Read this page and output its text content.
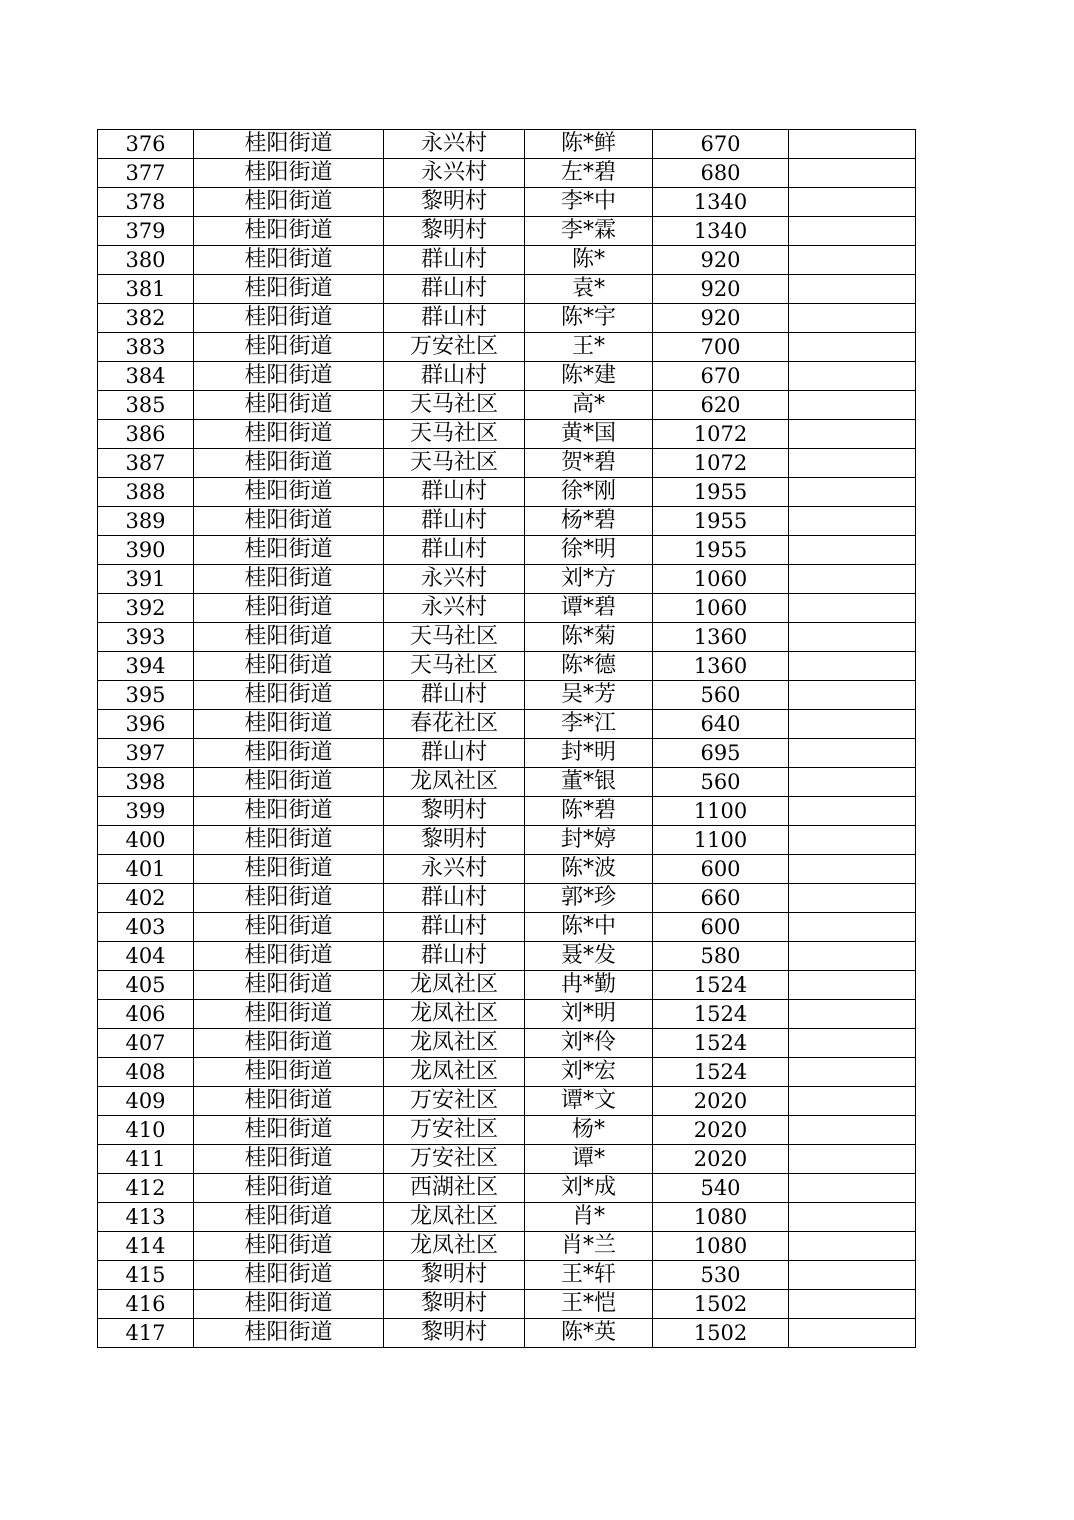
376	桂阳街道	永兴村	陈*鲜	670	
377	桂阳街道	永兴村	左*碧	680	
378	桂阳街道	黎明村	李*中	1340	
379	桂阳街道	黎明村	李*霖	1340	
380	桂阳街道	群山村	陈*	920	
381	桂阳街道	群山村	袁*	920	
382	桂阳街道	群山村	陈*宇	920	
383	桂阳街道	万安社区	王*	700	
384	桂阳街道	群山村	陈*建	670	
385	桂阳街道	天马社区	高*	620	
386	桂阳街道	天马社区	黄*国	1072	
387	桂阳街道	天马社区	贺*碧	1072	
388	桂阳街道	群山村	徐*刚	1955	
389	桂阳街道	群山村	杨*碧	1955	
390	桂阳街道	群山村	徐*明	1955	
391	桂阳街道	永兴村	刘*方	1060	
392	桂阳街道	永兴村	谭*碧	1060	
393	桂阳街道	天马社区	陈*菊	1360	
394	桂阳街道	天马社区	陈*德	1360	
395	桂阳街道	群山村	吴*芳	560	
396	桂阳街道	春花社区	李*江	640	
397	桂阳街道	群山村	封*明	695	
398	桂阳街道	龙凤社区	董*银	560	
399	桂阳街道	黎明村	陈*碧	1100	
400	桂阳街道	黎明村	封*婷	1100	
401	桂阳街道	永兴村	陈*波	600	
402	桂阳街道	群山村	郭*珍	660	
403	桂阳街道	群山村	陈*中	600	
404	桂阳街道	群山村	聂*发	580	
405	桂阳街道	龙凤社区	冉*勤	1524	
406	桂阳街道	龙凤社区	刘*明	1524	
407	桂阳街道	龙凤社区	刘*伶	1524	
408	桂阳街道	龙凤社区	刘*宏	1524	
409	桂阳街道	万安社区	谭*文	2020	
410	桂阳街道	万安社区	杨*	2020	
411	桂阳街道	万安社区	谭*	2020	
412	桂阳街道	西湖社区	刘*成	540	
413	桂阳街道	龙凤社区	肖*	1080	
414	桂阳街道	龙凤社区	肖*兰	1080	
415	桂阳街道	黎明村	王*轩	530	
416	桂阳街道	黎明村	王*恺	1502	
417	桂阳街道	黎明村	陈*英	1502	
